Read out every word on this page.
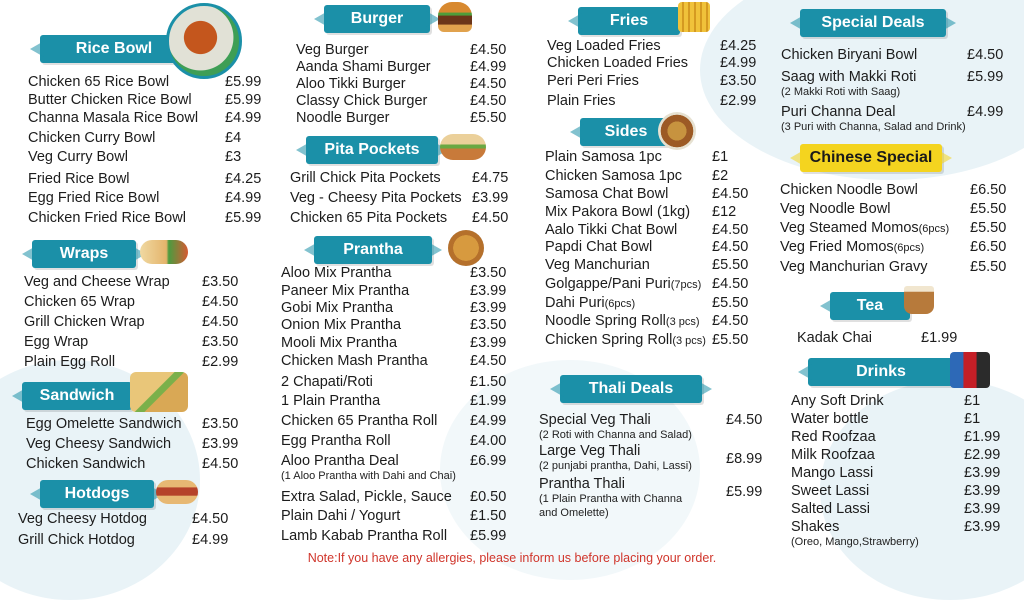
Rice Bowl
Chicken 65 Rice Bowl	£5.99
Butter Chicken Rice Bowl £5.99
Channa Masala Rice Bowl £4.99
Chicken Curry Bowl	£4
Veg Curry Bowl	£3
Fried Rice Bowl	£4.25
Egg Fried Rice Bowl	£4.99
Chicken Fried Rice Bowl	£5.99
Wraps
Veg and Cheese Wrap £3.50
Chicken 65 Wrap	£4.50
Grill Chicken Wrap	£4.50
Egg Wrap	£3.50
Plain Egg Roll	£2.99
Sandwich
Egg Omelette Sandwich £3.50
Veg Cheesy Sandwich £3.99
Chicken Sandwich	£4.50
Hotdogs
Veg Cheesy Hotdog	£4.50
Grill Chick Hotdog	£4.99
Burger
Veg Burger	£4.50
Aanda Shami Burger	£4.99
Aloo Tikki Burger	£4.50
Classy Chick Burger	£4.50
Noodle Burger	£5.50
Pita Pockets
Grill Chick Pita Pockets £4.75
Veg - Cheesy Pita Pockets £3.99
Chicken 65 Pita Pockets £4.50
Prantha
Aloo Mix Prantha	£3.50
Paneer Mix Prantha	£3.99
Gobi Mix Prantha	£3.99
Onion Mix Prantha	£3.50
Mooli Mix Prantha	£3.99
Chicken Mash Prantha	£4.50
2 Chapati/Roti	£1.50
1 Plain Prantha	£1.99
Chicken 65 Prantha Roll £4.99
Egg Prantha Roll	£4.00
Aloo Prantha Deal	£6.99
(1 Aloo Prantha with Dahi and Chai)
Extra Salad, Pickle, Sauce £0.50
Plain Dahi / Yogurt	£1.50
Lamb Kabab Prantha Roll £5.99
Fries
Veg Loaded Fries	£4.25
Chicken Loaded Fries £4.99
Peri Peri Fries	£3.50
Plain Fries	£2.99
Sides
Plain Samosa 1pc	£1
Chicken Samosa 1pc £2
Samosa Chat Bowl	£4.50
Mix Pakora Bowl (1kg) £12
Aalo Tikki Chat Bowl £4.50
Papdi Chat Bowl	£4.50
Veg Manchurian	£5.50
Golgappe/Pani Puri(7pcs) £4.50
Dahi Puri(6pcs)	£5.50
Noodle Spring Roll(3 pcs) £4.50
Chicken Spring Roll(3 pcs) £5.50
Thali Deals
Special Veg Thali	£4.50
(2 Roti with Channa and Salad)
Large Veg Thali	£8.99
(2 punjabi prantha, Dahi, Lassi)
Prantha Thali	£5.99
(1 Plain Prantha with Channa
and Omelette)
Special Deals
Chicken Biryani Bowl	£4.50
Saag with Makki Roti	£5.99
(2 Makki Roti with Saag)
Puri Channa Deal	£4.99
(3 Puri with Channa, Salad and Drink)
Chinese Special
Chicken Noodle Bowl	£6.50
Veg Noodle Bowl	£5.50
Veg Steamed Momos(6pcs) £5.50
Veg Fried Momos(6pcs)	£6.50
Veg Manchurian Gravy	£5.50
Tea
Kadak Chai	£1.99
Drinks
Any Soft Drink	£1
Water bottle	£1
Red Roofzaa	£1.99
Milk Roofzaa	£2.99
Mango Lassi	£3.99
Sweet Lassi	£3.99
Salted Lassi	£3.99
Shakes	£3.99
(Oreo, Mango,Strawberry)
Note:If you have any allergies, please inform us before placing your order.
